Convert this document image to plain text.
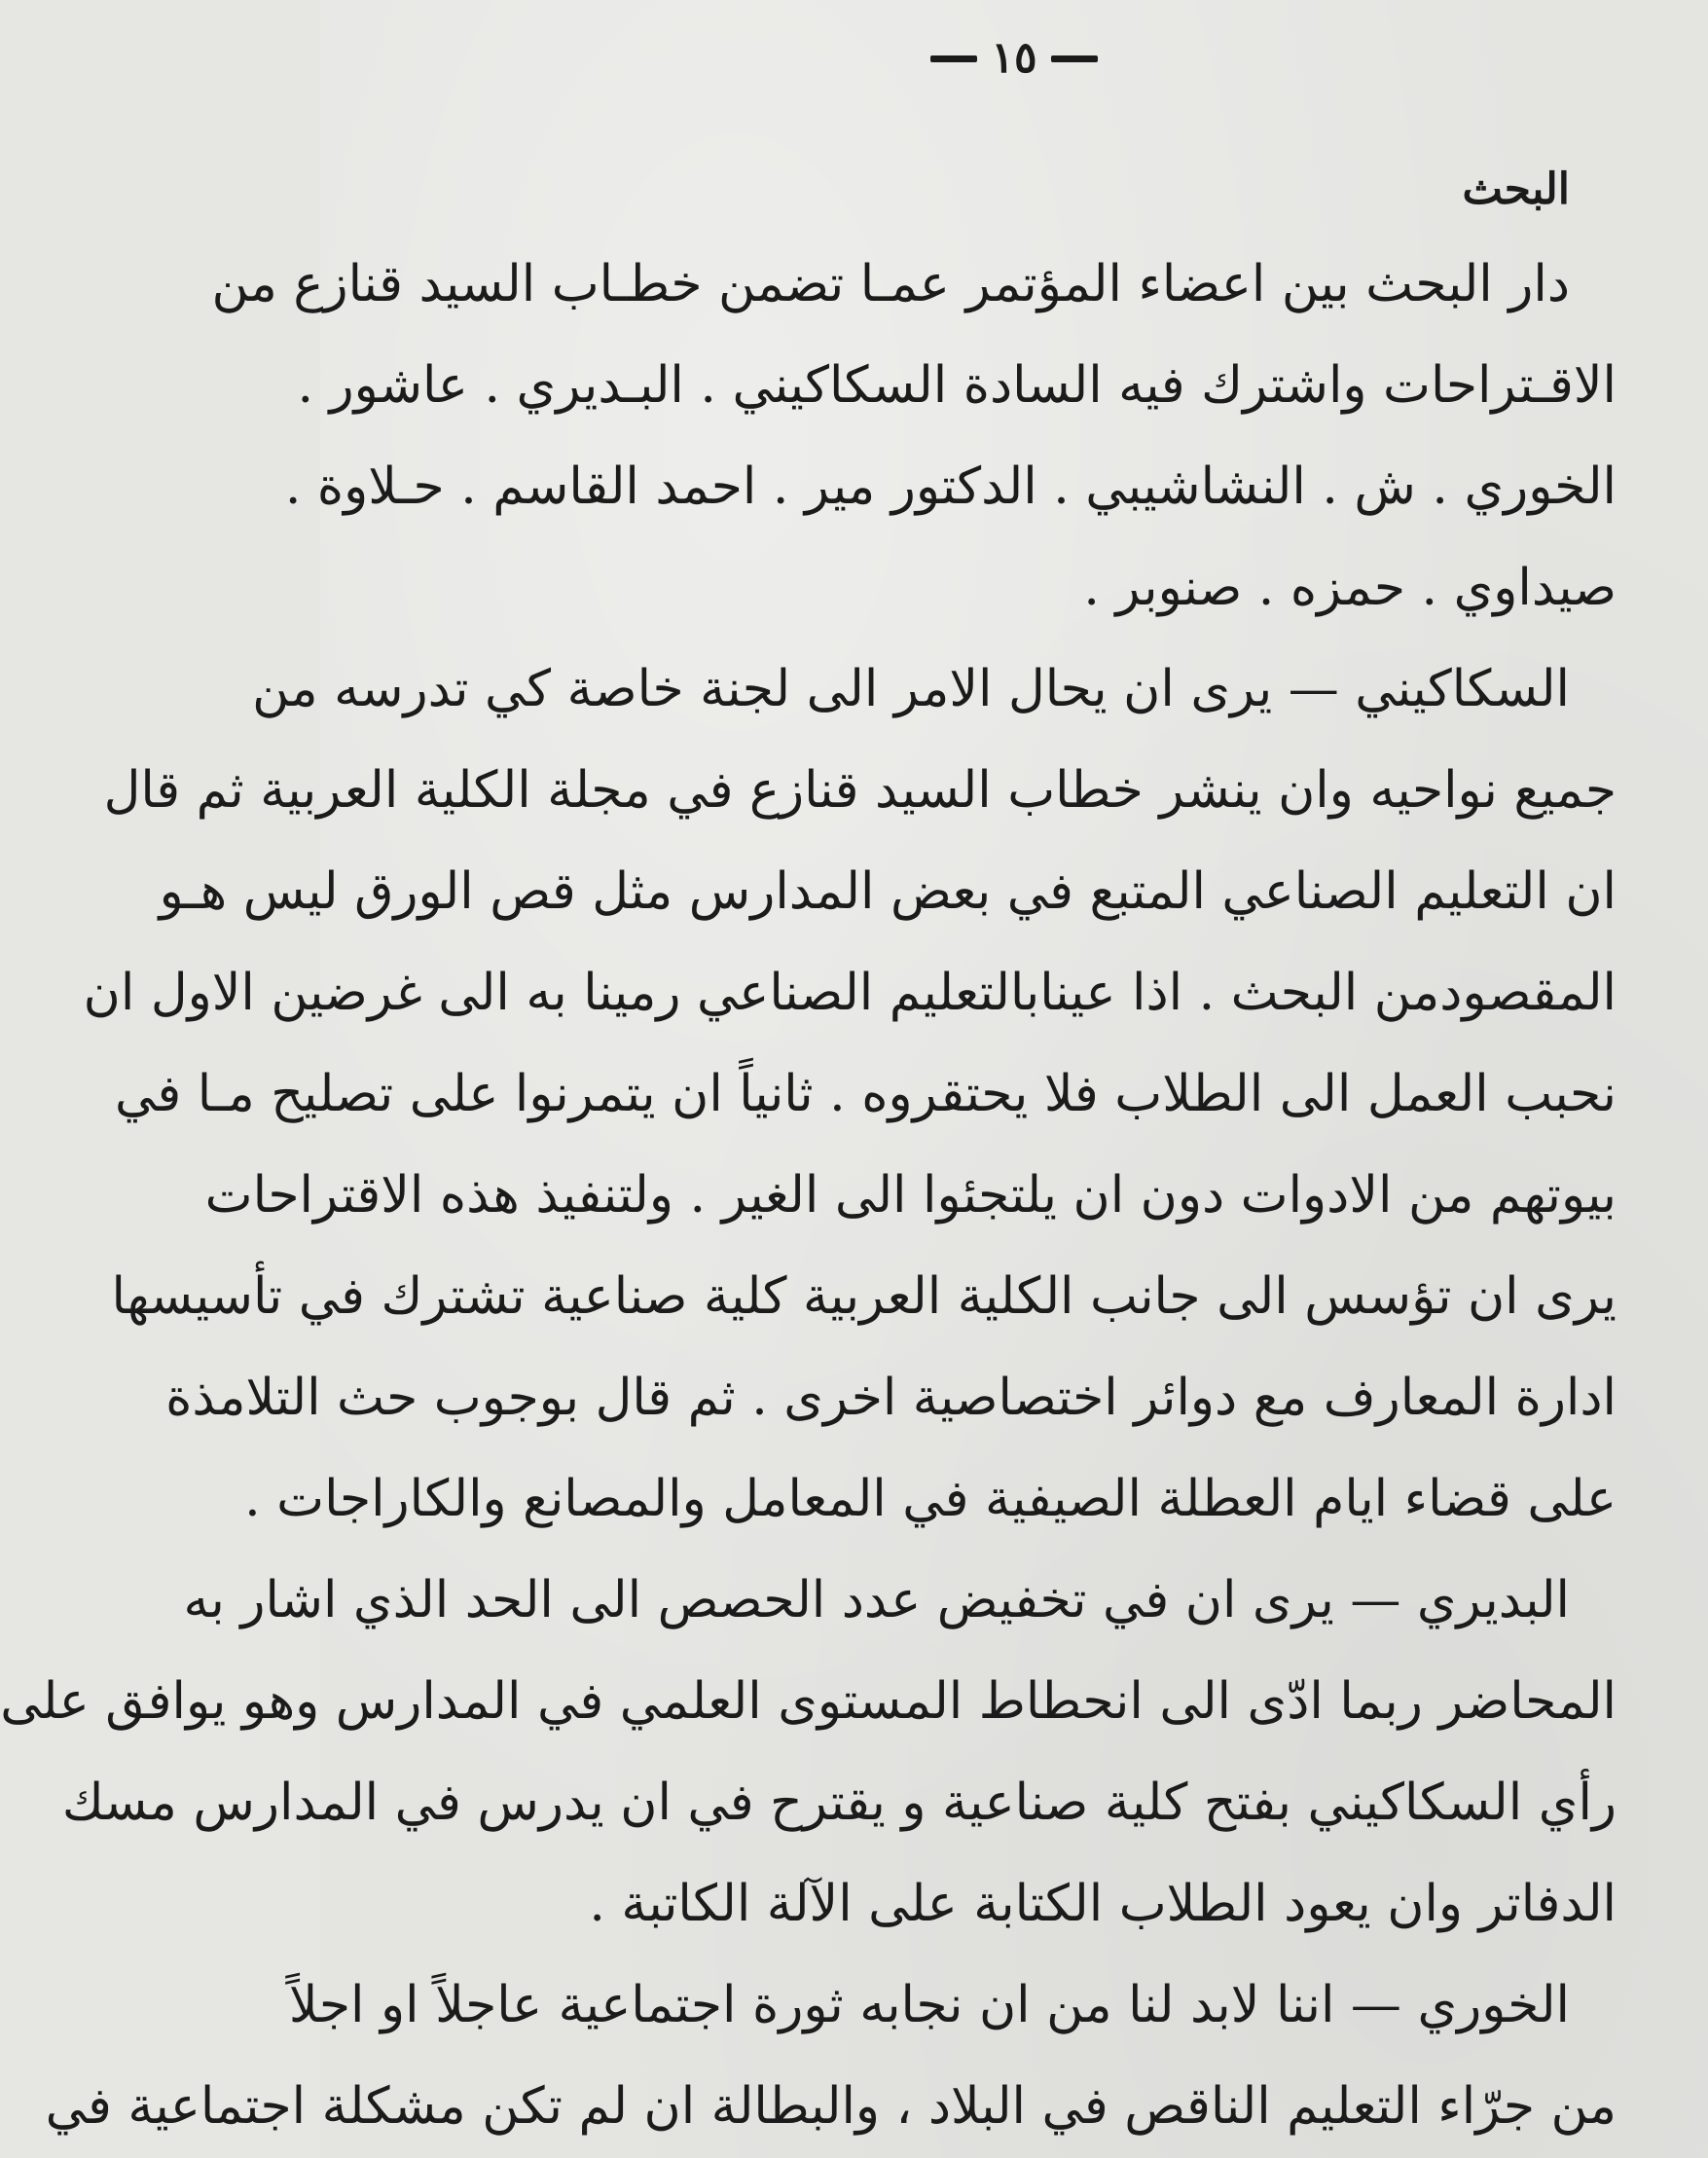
١٥
البحث
دار البحث بين اعضاء المؤتمر عمـا تضمن خطـاب السيد قنازع من
الاقـتراحات واشترك فيه السادة السكاكيني . البـديري . عاشور .
الخوري . ش . النشاشيبي . الدكتور مير . احمد القاسم . حـلاوة .
صيداوي . حمزه . صنوبر .
السكاكيني — يرى ان يحال الامر الى لجنة خاصة كي تدرسه من
جميع نواحيه وان ينشر خطاب السيد قنازع في مجلة الكلية العربية ثم قال
ان التعليم الصناعي المتبع في بعض المدارس مثل قص الورق ليس هـو
المقصودمن البحث . اذا عينابالتعليم الصناعي رمينا به الى غرضين الاول ان
نحبب العمل الى الطلاب فلا يحتقروه . ثانياً ان يتمرنوا على تصليح مـا في
بيوتهم من الادوات دون ان يلتجئوا الى الغير . ولتنفيذ هذه الاقتراحات
يرى ان تؤسس الى جانب الكلية العربية كلية صناعية تشترك في تأسيسها
ادارة المعارف مع دوائر اختصاصية اخرى . ثم قال بوجوب حث التلامذة
على قضاء ايام العطلة الصيفية في المعامل والمصانع والكاراجات .
البديري — يرى ان في تخفيض عدد الحصص الى الحد الذي اشار به
المحاضر ربما ادّى الى انحطاط المستوى العلمي في المدارس وهو يوافق على
رأي السكاكيني بفتح كلية صناعية و يقترح في ان يدرس في المدارس مسك
الدفاتر وان يعود الطلاب الكتابة على الآلة الكاتبة .
الخوري — اننا لابد لنا من ان نجابه ثورة اجتماعية عاجلاً او اجلاً
من جرّاء التعليم الناقص في البلاد ، والبطالة ان لم تكن مشكلة اجتماعية في
